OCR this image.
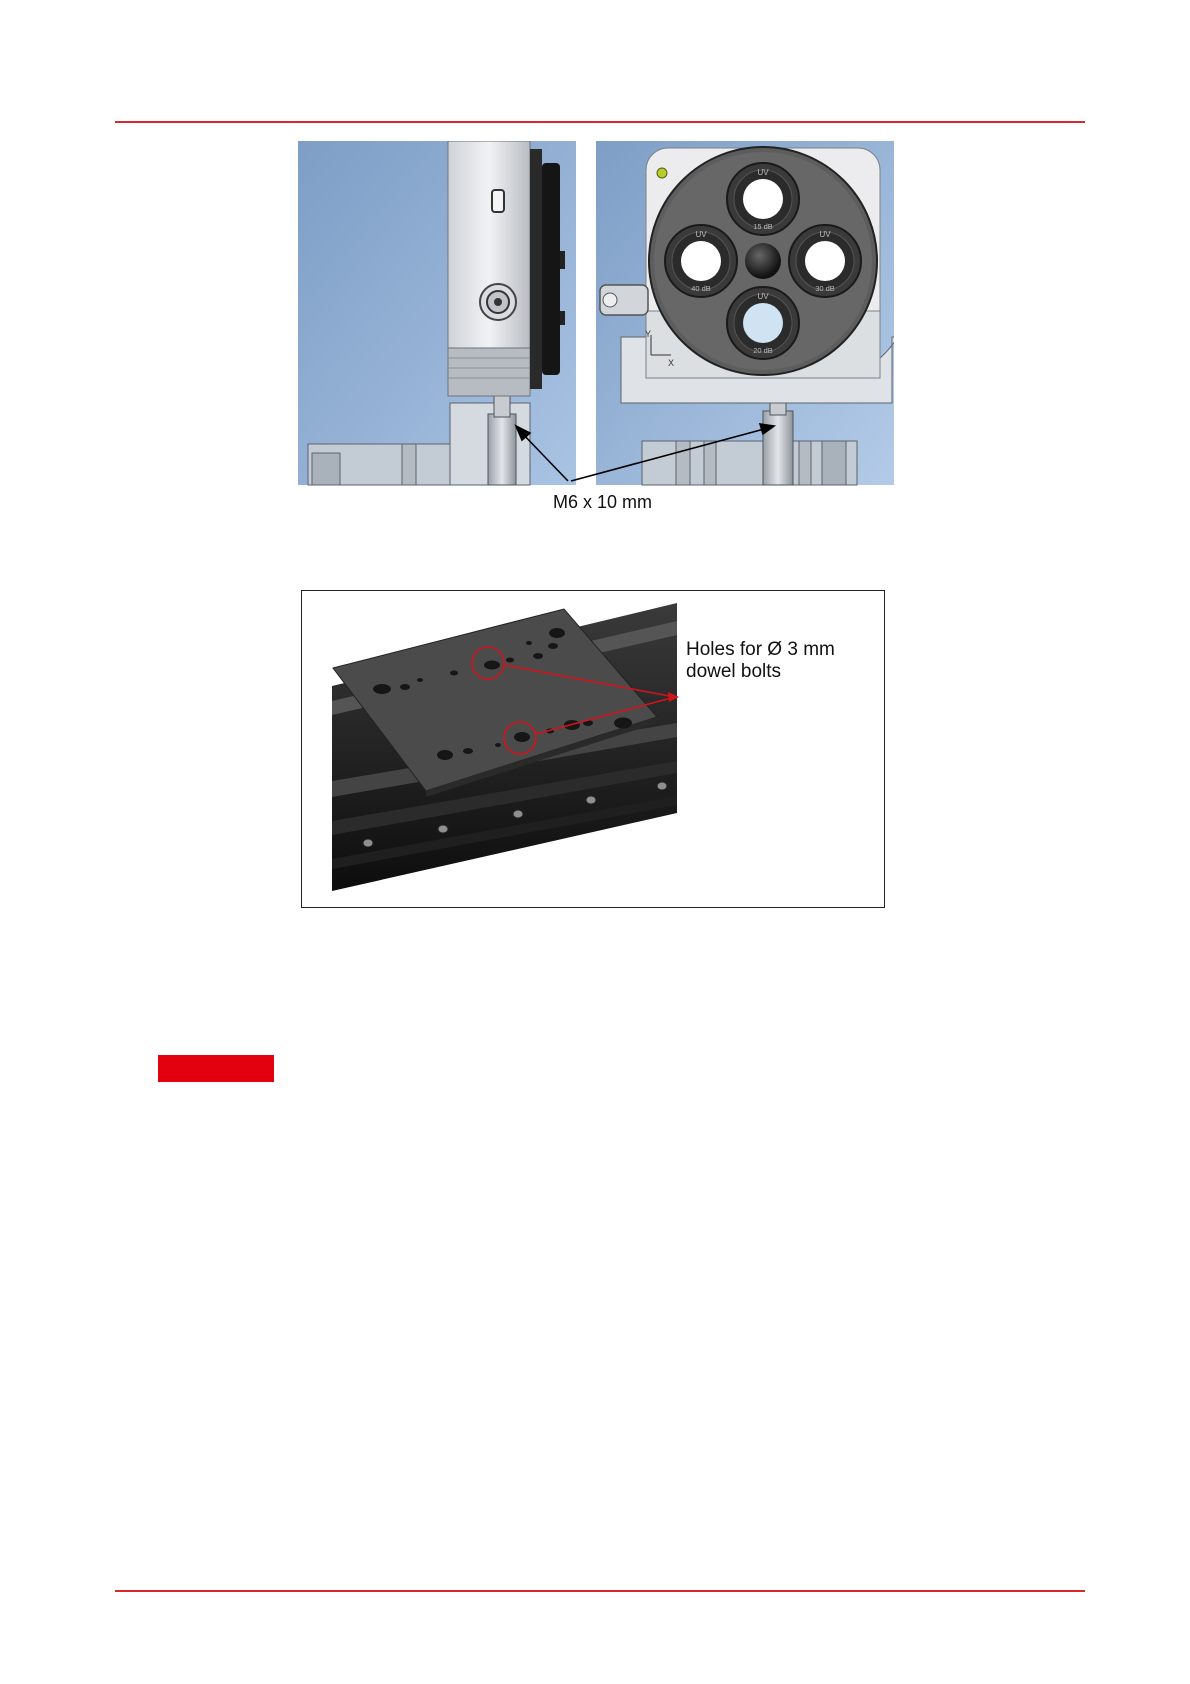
UV
15 dB
UV
40 dB
UV
30 dB
UV
20 dB
Y
X
M6 x 10 mm
Holes for Ø 3 mm
dowel bolts
